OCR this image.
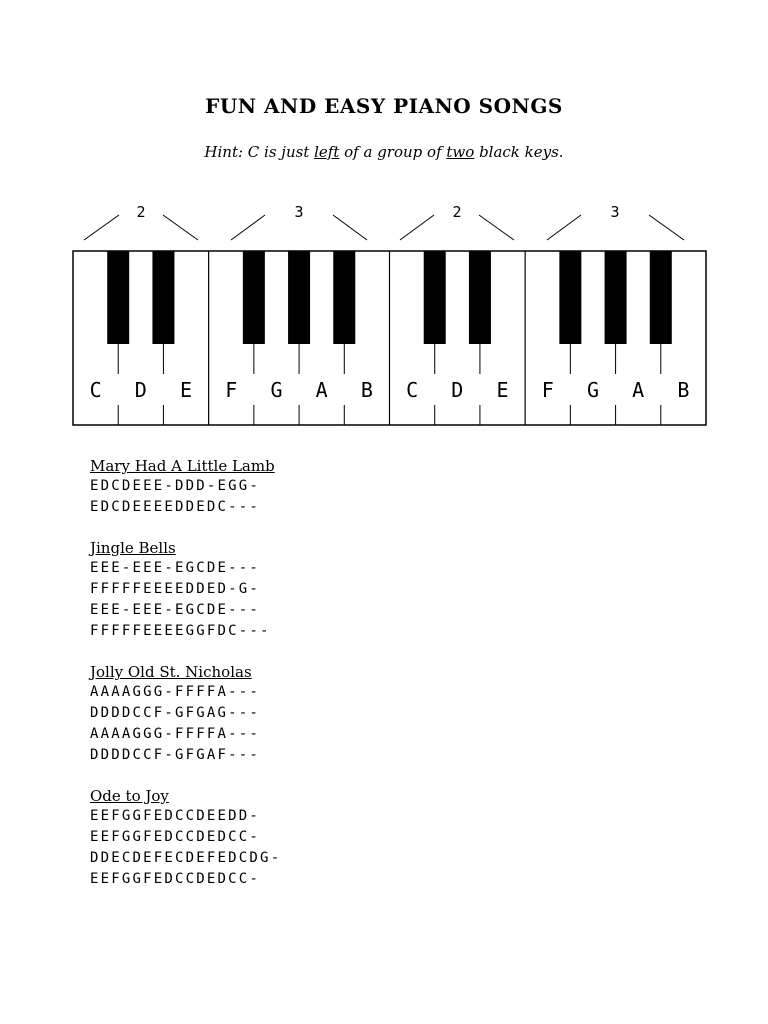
FUN AND EASY PIANO SONGS
Hint: C is just left of a group of two black keys.
C D E F G A B C D E F G A B
2	3	2	3
Mary Had A Little Lamb
EDCDEEE-DDD-EGG-
EDCDEEEEDDEDC---
Jingle Bells
EEE-EEE-EGCDE---
FFFFFEEEEDDED-G-
EEE-EEE-EGCDE---
FFFFFEEEEGGFDC---
Jolly Old St. Nicholas
AAAAGGG-FFFFA---
DDDDCCF-GFGAG---
AAAAGGG-FFFFA---
DDDDCCF-GFGAF---
Ode to Joy
EEFGGFEDCCDEEDD-
EEFGGFEDCCDEDCC-
DDECDEFECDEFEDCDG-
EEFGGFEDCCDEDCC-
